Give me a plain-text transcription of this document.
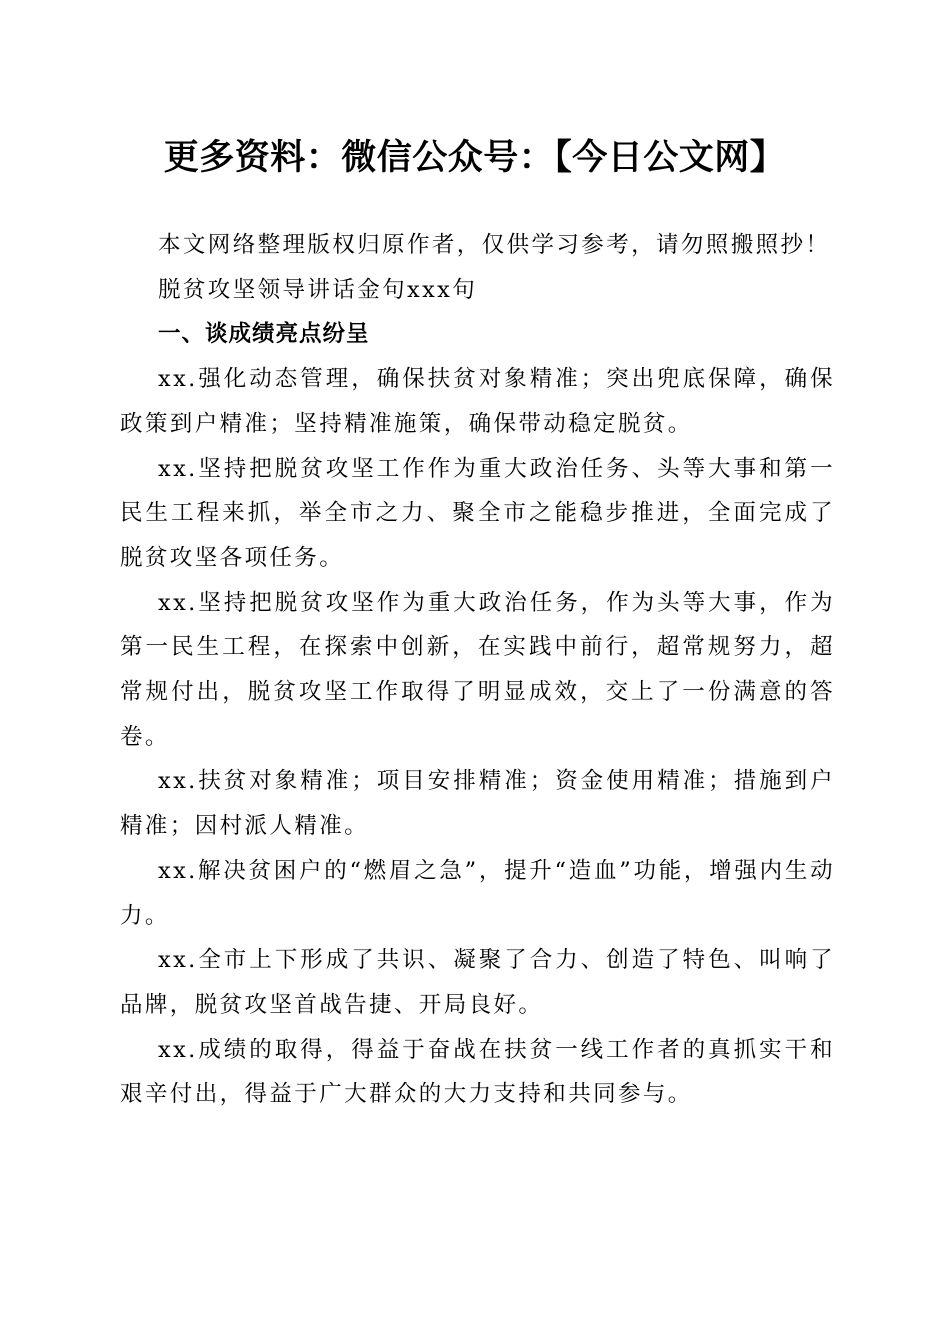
更多资料：微信公众号：【今日公文网】

本文网络整理版权归原作者，仅供学习参考，请勿照搬照抄！

脱贫攻坚领导讲话金句xxx句

一、谈成绩亮点纷呈

xx.强化动态管理，确保扶贫对象精准；突出兜底保障，确保政策到户精准；坚持精准施策，确保带动稳定脱贫。

xx.坚持把脱贫攻坚工作作为重大政治任务、头等大事和第一民生工程来抓，举全市之力、聚全市之能稳步推进，全面完成了脱贫攻坚各项任务。

xx.坚持把脱贫攻坚作为重大政治任务，作为头等大事，作为第一民生工程，在探索中创新，在实践中前行，超常规努力，超常规付出，脱贫攻坚工作取得了明显成效，交上了一份满意的答卷。

xx.扶贫对象精准；项目安排精准；资金使用精准；措施到户精准；因村派人精准。

xx.解决贫困户的“燃眉之急”，提升“造血”功能，增强内生动力。

xx.全市上下形成了共识、凝聚了合力、创造了特色、叫响了品牌，脱贫攻坚首战告捷、开局良好。

xx.成绩的取得，得益于奋战在扶贫一线工作者的真抓实干和艰辛付出，得益于广大群众的大力支持和共同参与。
